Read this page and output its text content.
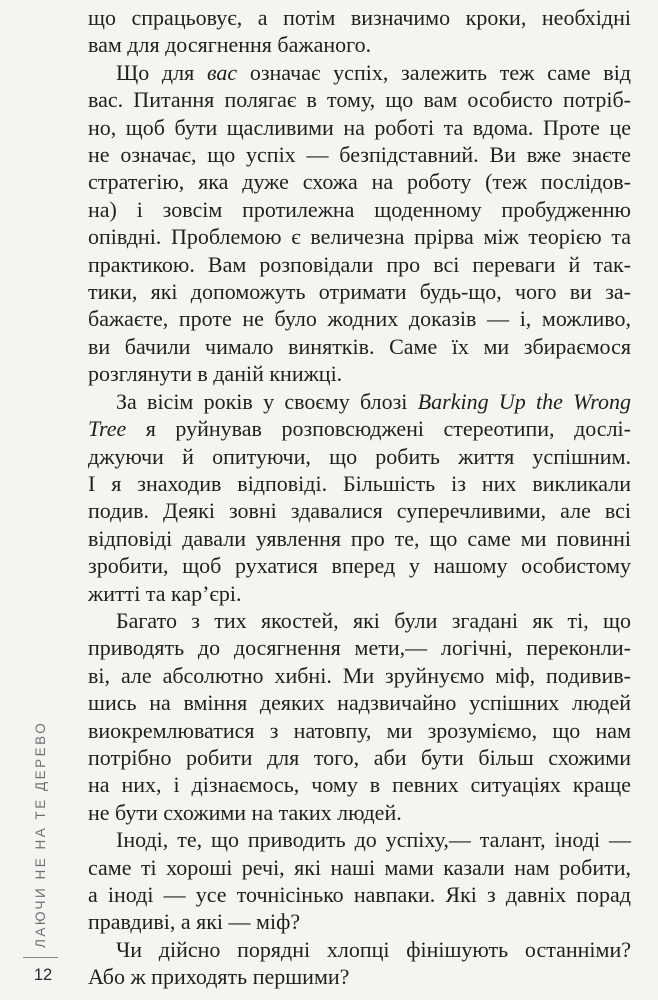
ЛАЮЧИ НЕ НА ТЕ ДЕРЕВО
12

що спрацьовує, а потім визначимо кроки, необхідні
вам для досягнення бажаного.

Що для вас означає успіх, залежить теж саме від
вас. Питання полягає в тому, що вам особисто потріб-
но, щоб бути щасливими на роботі та вдома. Проте це
не означає, що успіх — безпідставний. Ви вже знаєте
стратегію, яка дуже схожа на роботу (теж послідов-
на) і зовсім протилежна щоденному пробудженню
опівдні. Проблемою є величезна прірва між теорією та
практикою. Вам розповідали про всі переваги й так-
тики, які допоможуть отримати будь-що, чого ви за-
бажаєте, проте не було жодних доказів — і, можливо,
ви бачили чимало винятків. Саме їх ми збираємося
розглянути в даній книжці.

За вісім років у своєму блозі Barking Up the Wrong
Tree я руйнував розповсюджені стереотипи, дослі-
джуючи й опитуючи, що робить життя успішним.
І я знаходив відповіді. Більшість із них викликали
подив. Деякі зовні здавалися суперечливими, але всі
відповіді давали уявлення про те, що саме ми повинні
зробити, щоб рухатися вперед у нашому особистому
житті та кар’єрі.

Багато з тих якостей, які були згадані як ті, що
приводять до досягнення мети,— логічні, переконли-
ві, але абсолютно хибні. Ми зруйнуємо міф, подивив-
шись на вміння деяких надзвичайно успішних людей
виокремлюватися з натовпу, ми зрозуміємо, що нам
потрібно робити для того, аби бути більш схожими
на них, і дізнаємось, чому в певних ситуаціях краще
не бути схожими на таких людей.

Іноді, те, що приводить до успіху,— талант, іноді —
саме ті хороші речі, які наші мами казали нам робити,
а іноді — усе точнісінько навпаки. Які з давніх порад
правдиві, а які — міф?

Чи дійсно порядні хлопці фінішують останніми?
Або ж приходять першими?
